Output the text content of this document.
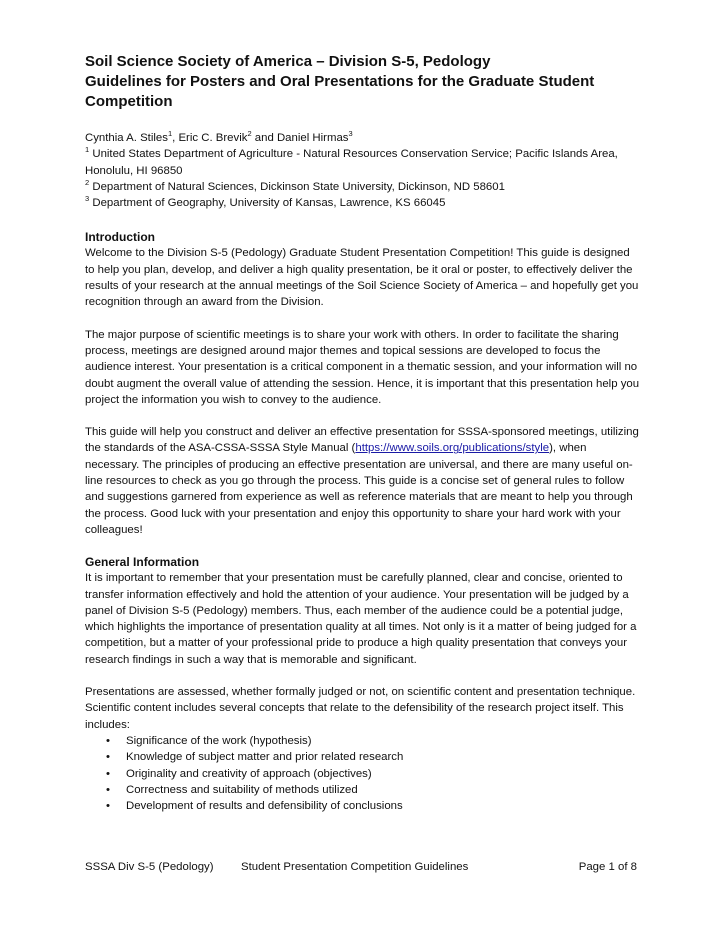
Soil Science Society of America – Division S-5, Pedology
Guidelines for Posters and Oral Presentations for the Graduate Student
Competition
Cynthia A. Stiles$^1$, Eric C. Brevik$^2$ and Daniel Hirmas$^3$
$^1$ United States Department of Agriculture - Natural Resources Conservation Service; Pacific Islands Area, Honolulu, HI 96850
$^2$ Department of Natural Sciences, Dickinson State University, Dickinson, ND 58601
$^3$ Department of Geography, University of Kansas, Lawrence, KS 66045
Introduction

Welcome to the Division S-5 (Pedology) Graduate Student Presentation Competition! This guide is designed to help you plan, develop, and deliver a high quality presentation, be it oral or poster, to effectively deliver the results of your research at the annual meetings of the Soil Science Society of America – and hopefully get you recognition through an award from the Division.

The major purpose of scientific meetings is to share your work with others. In order to facilitate the sharing process, meetings are designed around major themes and topical sessions are developed to focus the audience interest. Your presentation is a critical component in a thematic session, and your information will no doubt augment the overall value of attending the session. Hence, it is important that this presentation help you project the information you wish to convey to the audience.

This guide will help you construct and deliver an effective presentation for SSSA-sponsored meetings, utilizing the standards of the ASA-CSSA-SSSA Style Manual (https://www.soils.org/publications/style), when necessary. The principles of producing an effective presentation are universal, and there are many useful on-line resources to check as you go through the process. This guide is a concise set of general rules to follow and suggestions garnered from experience as well as reference materials that are meant to help you through the process. Good luck with your presentation and enjoy this opportunity to share your hard work with your colleagues!

General Information

It is important to remember that your presentation must be carefully planned, clear and concise, oriented to transfer information effectively and hold the attention of your audience. Your presentation will be judged by a panel of Division S-5 (Pedology) members. Thus, each member of the audience could be a potential judge, which highlights the importance of presentation quality at all times. Not only is it a matter of being judged for a competition, but a matter of your professional pride to produce a high quality presentation that conveys your research findings in such a way that is memorable and significant.

Presentations are assessed, whether formally judged or not, on scientific content and presentation technique. Scientific content includes several concepts that relate to the defensibility of the research project itself. This includes:

• Significance of the work (hypothesis)
• Knowledge of subject matter and prior related research
• Originality and creativity of approach (objectives)
• Correctness and suitability of methods utilized
• Development of results and defensibility of conclusions
SSSA Div S-5 (Pedology) Student Presentation Competition Guidelines	Page 1 of 8
